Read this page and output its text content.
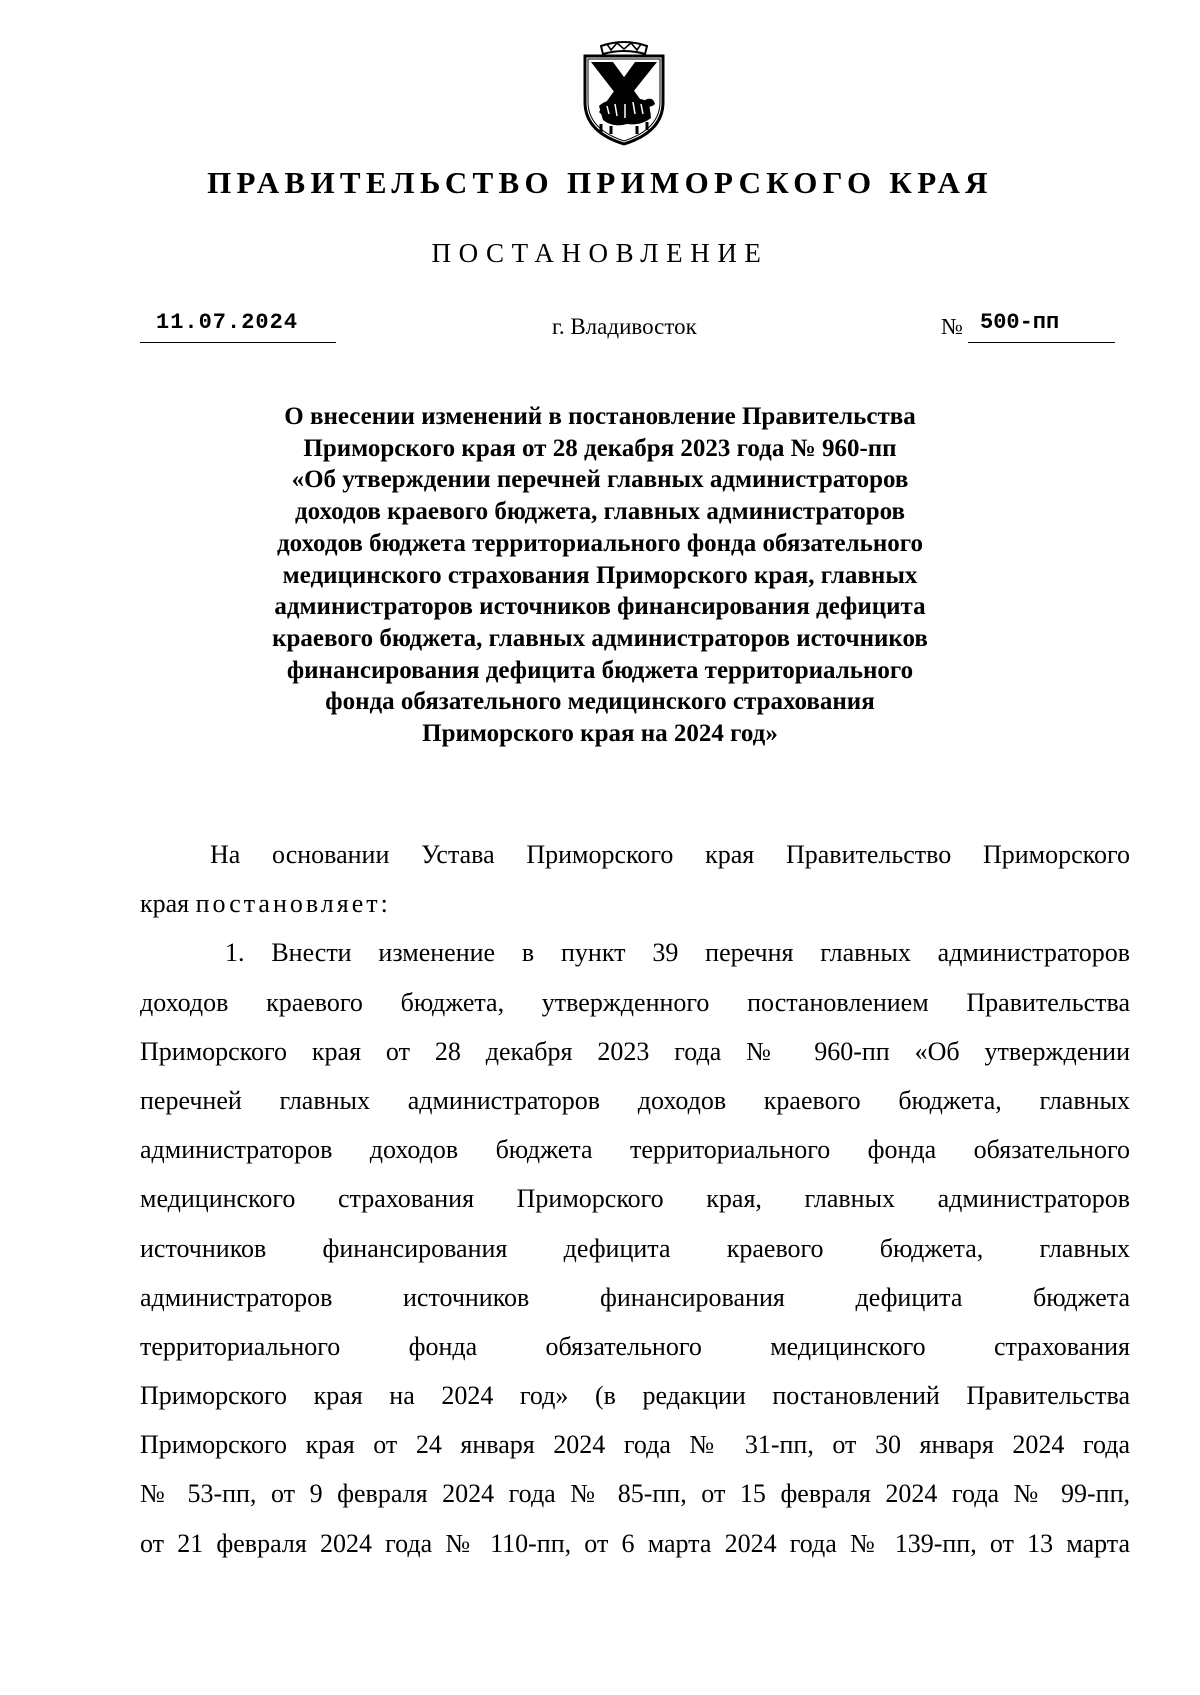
ПРАВИТЕЛЬСТВО ПРИМОРСКОГО КРАЯ
ПОСТАНОВЛЕНИЕ
11.07.2024	г. Владивосток	№ 500-пп
О внесении изменений в постановление Правительства
Приморского края от 28 декабря 2023 года № 960-пп
«Об утверждении перечней главных администраторов
доходов краевого бюджета, главных администраторов
доходов бюджета территориального фонда обязательного
медицинского страхования Приморского края, главных
администраторов источников финансирования дефицита
краевого бюджета, главных администраторов источников
финансирования дефицита бюджета территориального
фонда обязательного медицинского страхования
Приморского края на 2024 год»
На основании Устава Приморского края Правительство Приморского
края постановляет:
1. Внести изменение в пункт 39 перечня главных администраторов
доходов краевого бюджета, утвержденного постановлением Правительства
Приморского края от 28 декабря 2023 года № 960-пп «Об утверждении
перечней главных администраторов доходов краевого бюджета, главных
администраторов доходов бюджета территориального фонда обязательного
медицинского страхования Приморского края, главных администраторов
источников финансирования дефицита краевого бюджета, главных
администраторов источников финансирования дефицита бюджета
территориального фонда обязательного медицинского страхования
Приморского края на 2024 год» (в редакции постановлений Правительства
Приморского края от 24 января 2024 года № 31-пп, от 30 января 2024 года
№ 53-пп, от 9 февраля 2024 года № 85-пп, от 15 февраля 2024 года № 99-пп,
от 21 февраля 2024 года № 110-пп, от 6 марта 2024 года № 139-пп, от 13 марта
